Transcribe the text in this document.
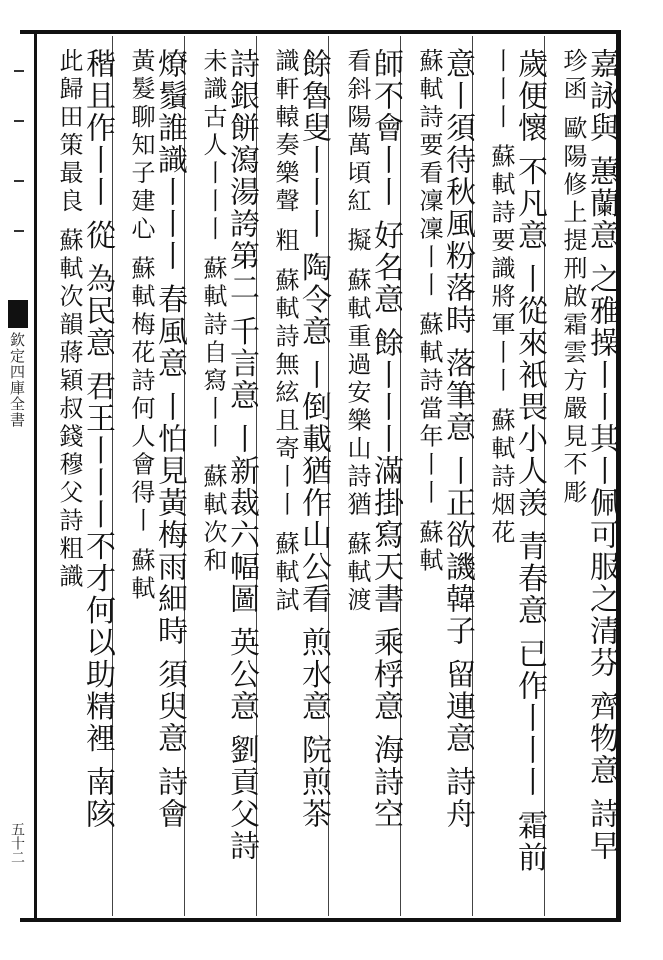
欽定四庫全書
五十二	嘉詠與 蕙蘭意 之雅操丨丨其丨佩可服之清芬 齊物意 詩早
珍函 歐陽修上提刑啟霜雲方嚴見不彫
歲便懷 不凡意 丨從來衹畏小人羡 青春意 已作丨丨丨 霜前
丨丨丨 蘇軾詩要識將軍丨丨 蘇軾詩烟花
意丨須待秋風粉落時 落筆意 丨正欲譏韓子 留連意 詩舟
蘇軾詩要看凜凜丨丨 蘇軾詩當年丨丨 蘇軾
師不會丨丨 好名意 餘丨丨丨滿掛寫天書 乘桴意 海詩空
看斜陽萬頃紅 擬 蘇軾重過安樂山詩猶 蘇軾渡
餘魯叟丨丨丨 陶令意 丨倒載猶作山公看 煎水意 院煎茶
識軒轅奏樂聲 粗 蘇軾詩無絃且寄丨丨 蘇軾試
詩銀餅瀉湯誇第二 千言意 丨新裁六幅圖 英公意 劉貢父詩
未識古人丨丨丨 蘇軾詩自寫丨丨 蘇軾次和
燎鬚誰識丨丨丨 春風意 丨怕見黃梅雨細時 須臾意 詩會
黃髮聊知子建心 蘇軾梅花詩何人會得丨 蘇軾
稭且作丨丨 從 為民意 君王丨丨丨不才何以助精裡 南陔
此歸田策最良 蘇軾次韻蔣穎叔錢穆父詩粗識
